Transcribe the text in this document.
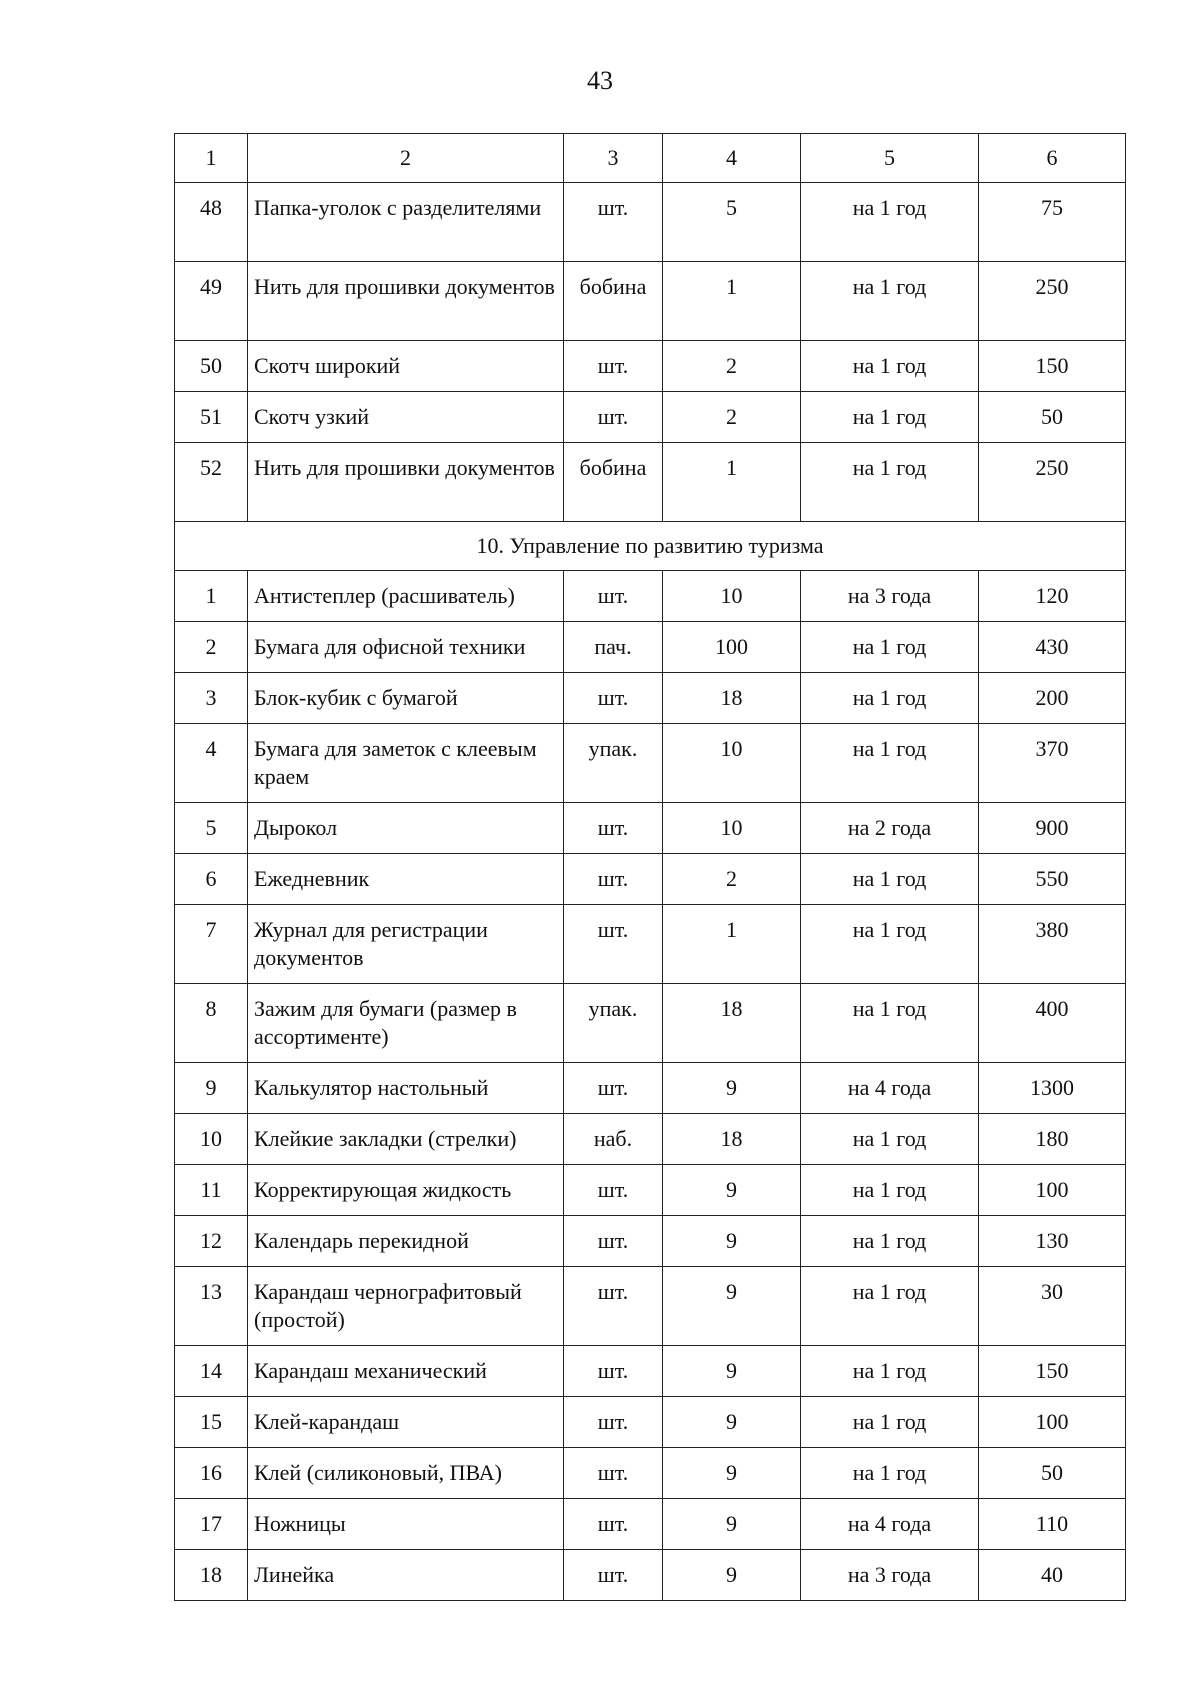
43
1	2	3	4	5	6
48	Папка-уголок с разделителями	шт.	5	на 1 год	75
49	Нить для прошивки документов	бобина	1	на 1 год	250
50	Скотч широкий	шт.	2	на 1 год	150
51	Скотч узкий	шт.	2	на 1 год	50
52	Нить для прошивки документов	бобина	1	на 1 год	250
10. Управление по развитию туризма					
1	Антистеплер (расшиватель)	шт.	10	на 3 года	120
2	Бумага для офисной техники	пач.	100	на 1 год	430
3	Блок-кубик с бумагой	шт.	18	на 1 год	200
4	Бумага для заметок с клеевым краем	упак.	10	на 1 год	370
5	Дырокол	шт.	10	на 2 года	900
6	Ежедневник	шт.	2	на 1 год	550
7	Журнал для регистрации документов	шт.	1	на 1 год	380
8	Зажим для бумаги (размер в ассортименте)	упак.	18	на 1 год	400
9	Калькулятор настольный	шт.	9	на 4 года	1300
10	Клейкие закладки (стрелки)	наб.	18	на 1 год	180
11	Корректирующая жидкость	шт.	9	на 1 год	100
12	Календарь перекидной	шт.	9	на 1 год	130
13	Карандаш чернографитовый (простой)	шт.	9	на 1 год	30
14	Карандаш механический	шт.	9	на 1 год	150
15	Клей-карандаш	шт.	9	на 1 год	100
16	Клей (силиконовый, ПВА)	шт.	9	на 1 год	50
17	Ножницы	шт.	9	на 4 года	110
18	Линейка	шт.	9	на 3 года	40
